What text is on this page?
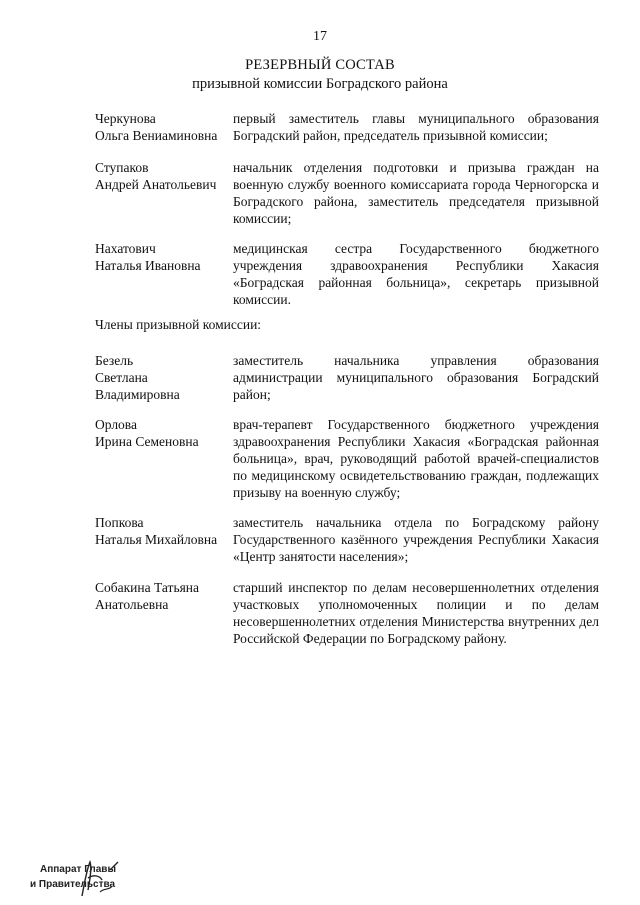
17
РЕЗЕРВНЫЙ СОСТАВ
призывной комиссии Боградского района
Черкунова
Ольга Вениаминовна
первый заместитель главы муниципального образования Боградский район, председатель призывной комиссии;
Ступаков
Андрей Анатольевич
начальник отделения подготовки и призыва граждан на военную службу военного комиссариата города Черногорска и Боградского района, заместитель председателя призывной комиссии;
Нахатович
Наталья Ивановна
медицинская сестра Государственного бюджетного учреждения здравоохранения Республики Хакасия «Боградская районная больница», секретарь призывной комиссии.
Члены призывной комиссии:
Безель
Светлана
Владимировна
заместитель начальника управления образования администрации муниципального образования Боградский район;
Орлова
Ирина Семеновна
врач-терапевт Государственного бюджетного учреждения здравоохранения Республики Хакасия «Боградская районная больница», врач, руководящий работой врачей-специалистов по медицинскому освидетельствованию граждан, подлежащих призыву на военную службу;
Попкова
Наталья Михайловна
заместитель начальника отдела по Боградскому району Государственного казённого учреждения Республики Хакасия «Центр занятости населения»;
Собакина Татьяна
Анатольевна
старший инспектор по делам несовершеннолетних отделения участковых уполномоченных полиции и по делам несовершеннолетних отделения Министерства внутренних дел Российской Федерации по Боградскому району.
Аппарат Главы
и Правительства
